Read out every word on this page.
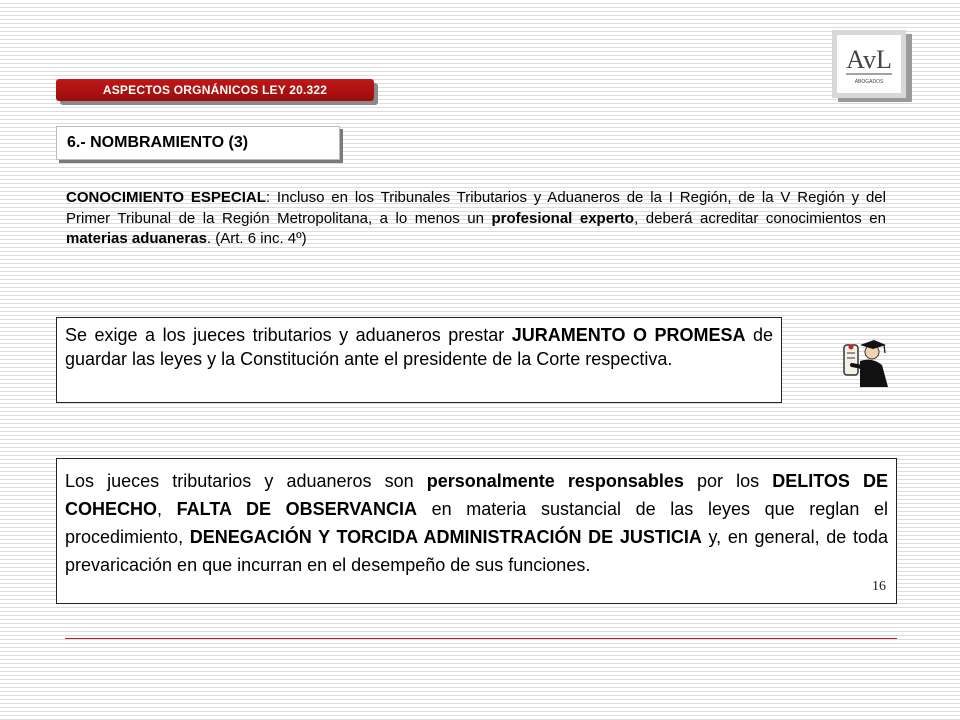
ASPECTOS ORGNÁNICOS LEY 20.322
AvL
ABOGADOS
6.- NOMBRAMIENTO (3)
CONOCIMIENTO ESPECIAL: Incluso en los Tribunales Tributarios y Aduaneros de la I Región, de la V Región y del Primer Tribunal de la Región Metropolitana, a lo menos un profesional experto, deberá acreditar conocimientos en materias aduaneras. (Art. 6 inc. 4º)
Se exige a los jueces tributarios y aduaneros prestar JURAMENTO O PROMESA de guardar las leyes y la Constitución ante el presidente de la Corte respectiva.
Los jueces tributarios y aduaneros son personalmente responsables por los DELITOS DE COHECHO, FALTA DE OBSERVANCIA en materia sustancial de las leyes que reglan el procedimiento, DENEGACIÓN Y TORCIDA ADMINISTRACIÓN DE JUSTICIA y, en general, de toda prevaricación en que incurran en el desempeño de sus funciones.
16
